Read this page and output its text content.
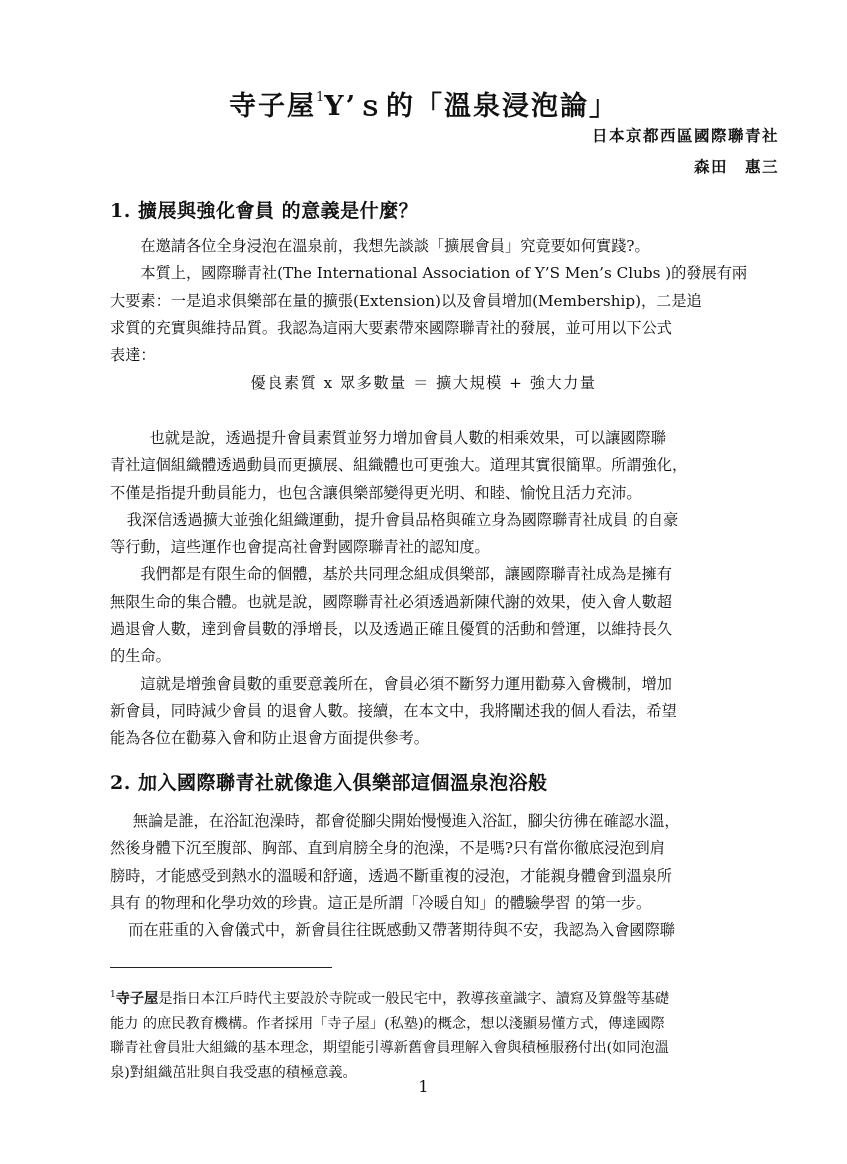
寺子屋$^1$Y’ｓ的「溫泉浸泡論」
日本京都西區國際聯青社
森田　惠三
1. 擴展與強化會員 的意義是什麼？

在邀請各位全身浸泡在溫泉前，我想先談談「擴展會員」究竟要如何實踐?。

本質上，國際聯青社(The International Association of Y’S Men’s Clubs )的發展有兩
大要素：一是追求俱樂部在量的擴張(Extension)以及會員增加(Membership)，二是追
求質的充實與維持品質。我認為這兩大要素帶來國際聯青社的發展，並可用以下公式
表達：

優良素質 x 眾多數量 ＝ 擴大規模 + 強大力量

也就是說，透過提升會員素質並努力增加會員人數的相乘效果，可以讓國際聯
青社這個組織體透過動員而更擴展、組織體也可更強大。道理其實很簡單。所謂強化，
不僅是指提升動員能力，也包含讓俱樂部變得更光明、和睦、愉悅且活力充沛。

我深信透過擴大並強化組織運動，提升會員品格與確立身為國際聯青社成員 的自豪
等行動，這些運作也會提高社會對國際聯青社的認知度。

我們都是有限生命的個體，基於共同理念組成俱樂部，讓國際聯青社成為是擁有
無限生命的集合體。也就是說，國際聯青社必須透過新陳代謝的效果，使入會人數超
過退會人數，達到會員數的淨增長，以及透過正確且優質的活動和營運，以維持長久
的生命。

這就是增強會員數的重要意義所在，會員必須不斷努力運用勸募入會機制，增加
新會員，同時減少會員 的退會人數。接續，在本文中，我將闡述我的個人看法，希望
能為各位在勸募入會和防止退會方面提供參考。

2. 加入國際聯青社就像進入俱樂部這個溫泉泡浴般

無論是誰，在浴缸泡澡時，都會從腳尖開始慢慢進入浴缸，腳尖彷彿在確認水溫，
然後身體下沉至腹部、胸部、直到肩膀全身的泡澡，不是嗎?只有當你徹底浸泡到肩
膀時，才能感受到熱水的溫暖和舒適，透過不斷重複的浸泡，才能親身體會到溫泉所
具有 的物理和化學功效的珍貴。這正是所謂「冷暖自知」的體驗學習 的第一步。

而在莊重的入會儀式中，新會員往往既感動又帶著期待與不安，我認為入會國際聯

$^1$寺子屋是指日本江戶時代主要設於寺院或一般民宅中，教導孩童識字、讀寫及算盤等基礎
能力 的庶民教育機構。作者採用「寺子屋」(私塾)的概念，想以淺顯易懂方式，傳達國際
聯青社會員壯大組織的基本理念，期望能引導新舊會員理解入會與積極服務付出(如同泡溫
泉)對組織茁壯與自我受惠的積極意義。
1
